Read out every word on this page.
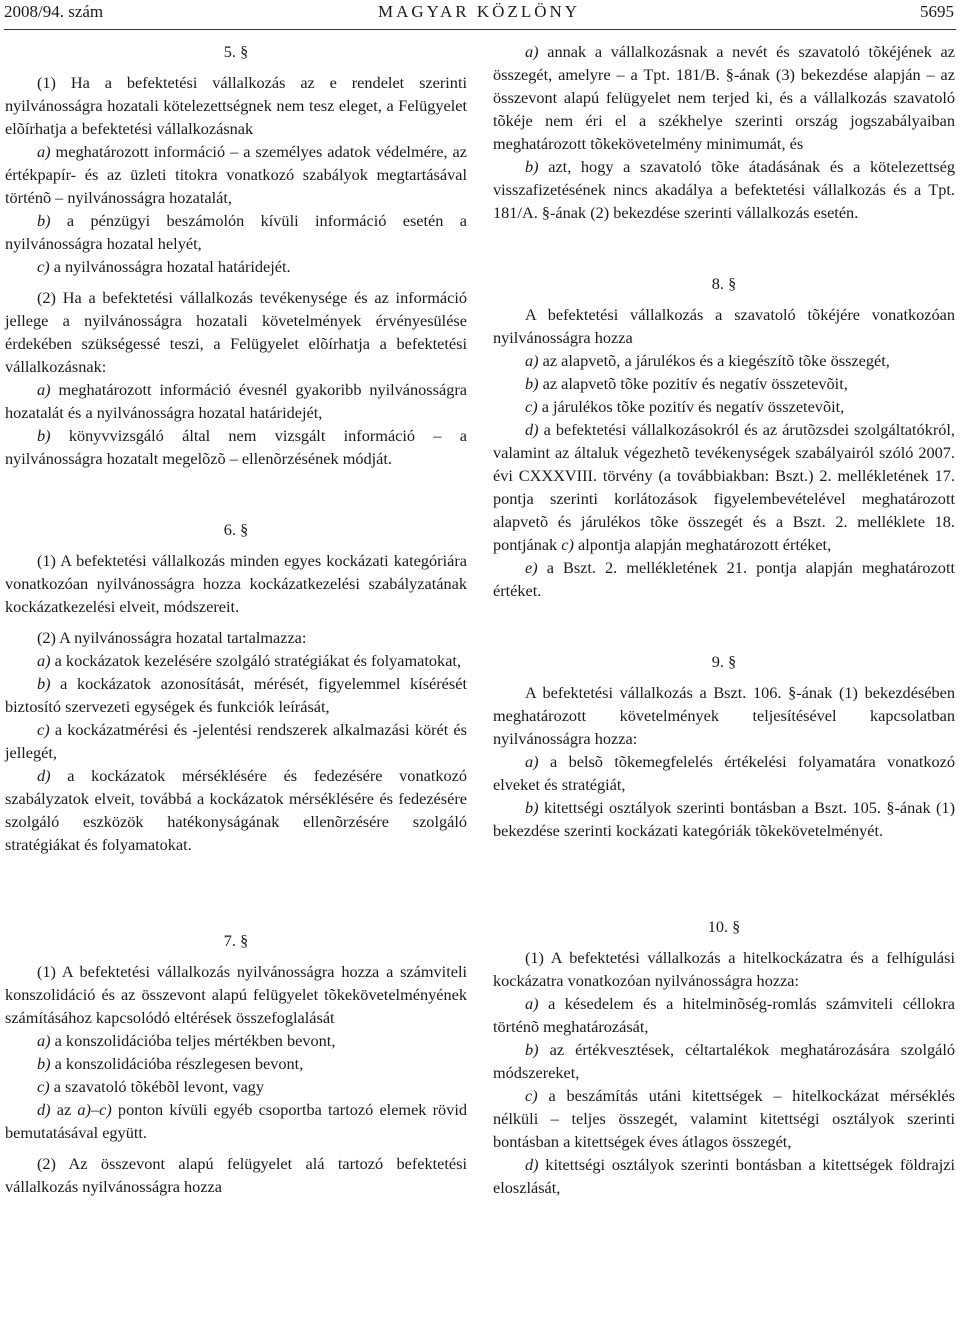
2008/94. szám	MAGYAR KÖZLÖNY	5695

5. §

(1) Ha a befektetési vállalkozás az e rendelet szerinti nyilvánosságra hozatali kötelezettségnek nem tesz eleget, a Felügyelet elõírhatja a befektetési vállalkozásnak

a) meghatározott információ – a személyes adatok védelmére, az értékpapír- és az üzleti titokra vonatkozó szabályok megtartásával történõ – nyilvánosságra hozatalát,

b) a pénzügyi beszámolón kívüli információ esetén a nyilvánosságra hozatal helyét,

c) a nyilvánosságra hozatal határidejét.

(2) Ha a befektetési vállalkozás tevékenysége és az információ jellege a nyilvánosságra hozatali követelmények érvényesülése érdekében szükségessé teszi, a Felügyelet elõírhatja a befektetési vállalkozásnak:

a) meghatározott információ évesnél gyakoribb nyilvánosságra hozatalát és a nyilvánosságra hozatal határidejét,

b) könyvvizsgáló által nem vizsgált információ – a nyilvánosságra hozatalt megelõzõ – ellenõrzésének módját.

6. §

(1) A befektetési vállalkozás minden egyes kockázati kategóriára vonatkozóan nyilvánosságra hozza kockázatkezelési szabályzatának kockázatkezelési elveit, módszereit.

(2) A nyilvánosságra hozatal tartalmazza:

a) a kockázatok kezelésére szolgáló stratégiákat és folyamatokat,

b) a kockázatok azonosítását, mérését, figyelemmel kísérését biztosító szervezeti egységek és funkciók leírását,

c) a kockázatmérési és -jelentési rendszerek alkalmazási körét és jellegét,

d) a kockázatok mérséklésére és fedezésére vonatkozó szabályzatok elveit, továbbá a kockázatok mérséklésére és fedezésére szolgáló eszközök hatékonyságának ellenõrzésére szolgáló stratégiákat és folyamatokat.

7. §

(1) A befektetési vállalkozás nyilvánosságra hozza a számviteli konszolidáció és az összevont alapú felügyelet tõkekövetelményének számításához kapcsolódó eltérések összefoglalását

a) a konszolidációba teljes mértékben bevont,

b) a konszolidációba részlegesen bevont,

c) a szavatoló tõkébõl levont, vagy

d) az a)–c) ponton kívüli egyéb csoportba tartozó elemek rövid bemutatásával együtt.

(2) Az összevont alapú felügyelet alá tartozó befektetési vállalkozás nyilvánosságra hozza

a) annak a vállalkozásnak a nevét és szavatoló tõkéjének az összegét, amelyre – a Tpt. 181/B. §-ának (3) bekezdése alapján – az összevont alapú felügyelet nem terjed ki, és a vállalkozás szavatoló tõkéje nem éri el a székhelye szerinti ország jogszabályaiban meghatározott tõkekövetelmény minimumát, és

b) azt, hogy a szavatoló tõke átadásának és a kötelezettség visszafizetésének nincs akadálya a befektetési vállalkozás és a Tpt. 181/A. §-ának (2) bekezdése szerinti vállalkozás esetén.

8. §

A befektetési vállalkozás a szavatoló tõkéjére vonatkozóan nyilvánosságra hozza

a) az alapvetõ, a járulékos és a kiegészítõ tõke összegét,

b) az alapvetõ tõke pozitív és negatív összetevõit,

c) a járulékos tõke pozitív és negatív összetevõit,

d) a befektetési vállalkozásokról és az árutõzsdei szolgáltatókról, valamint az általuk végezhetõ tevékenységek szabályairól szóló 2007. évi CXXXVIII. törvény (a továbbiakban: Bszt.) 2. mellékletének 17. pontja szerinti korlátozások figyelembevételével meghatározott alapvetõ és járulékos tõke összegét és a Bszt. 2. melléklete 18. pontjának c) alpontja alapján meghatározott értéket,

e) a Bszt. 2. mellékletének 21. pontja alapján meghatározott értéket.

9. §

A befektetési vállalkozás a Bszt. 106. §-ának (1) bekezdésében meghatározott követelmények teljesítésével kapcsolatban nyilvánosságra hozza:

a) a belsõ tõkemegfelelés értékelési folyamatára vonatkozó elveket és stratégiát,

b) kitettségi osztályok szerinti bontásban a Bszt. 105. §-ának (1) bekezdése szerinti kockázati kategóriák tõkekövetelményét.

10. §

(1) A befektetési vállalkozás a hitelkockázatra és a felhígulási kockázatra vonatkozóan nyilvánosságra hozza:

a) a késedelem és a hitelminõség-romlás számviteli céllokra történõ meghatározását,

b) az értékvesztések, céltartalékok meghatározására szolgáló módszereket,

c) a beszámítás utáni kitettségek – hitelkockázat mérséklés nélküli – teljes összegét, valamint kitettségi osztályok szerinti bontásban a kitettségek éves átlagos összegét,

d) kitettségi osztályok szerinti bontásban a kitettségek földrajzi eloszlását,
